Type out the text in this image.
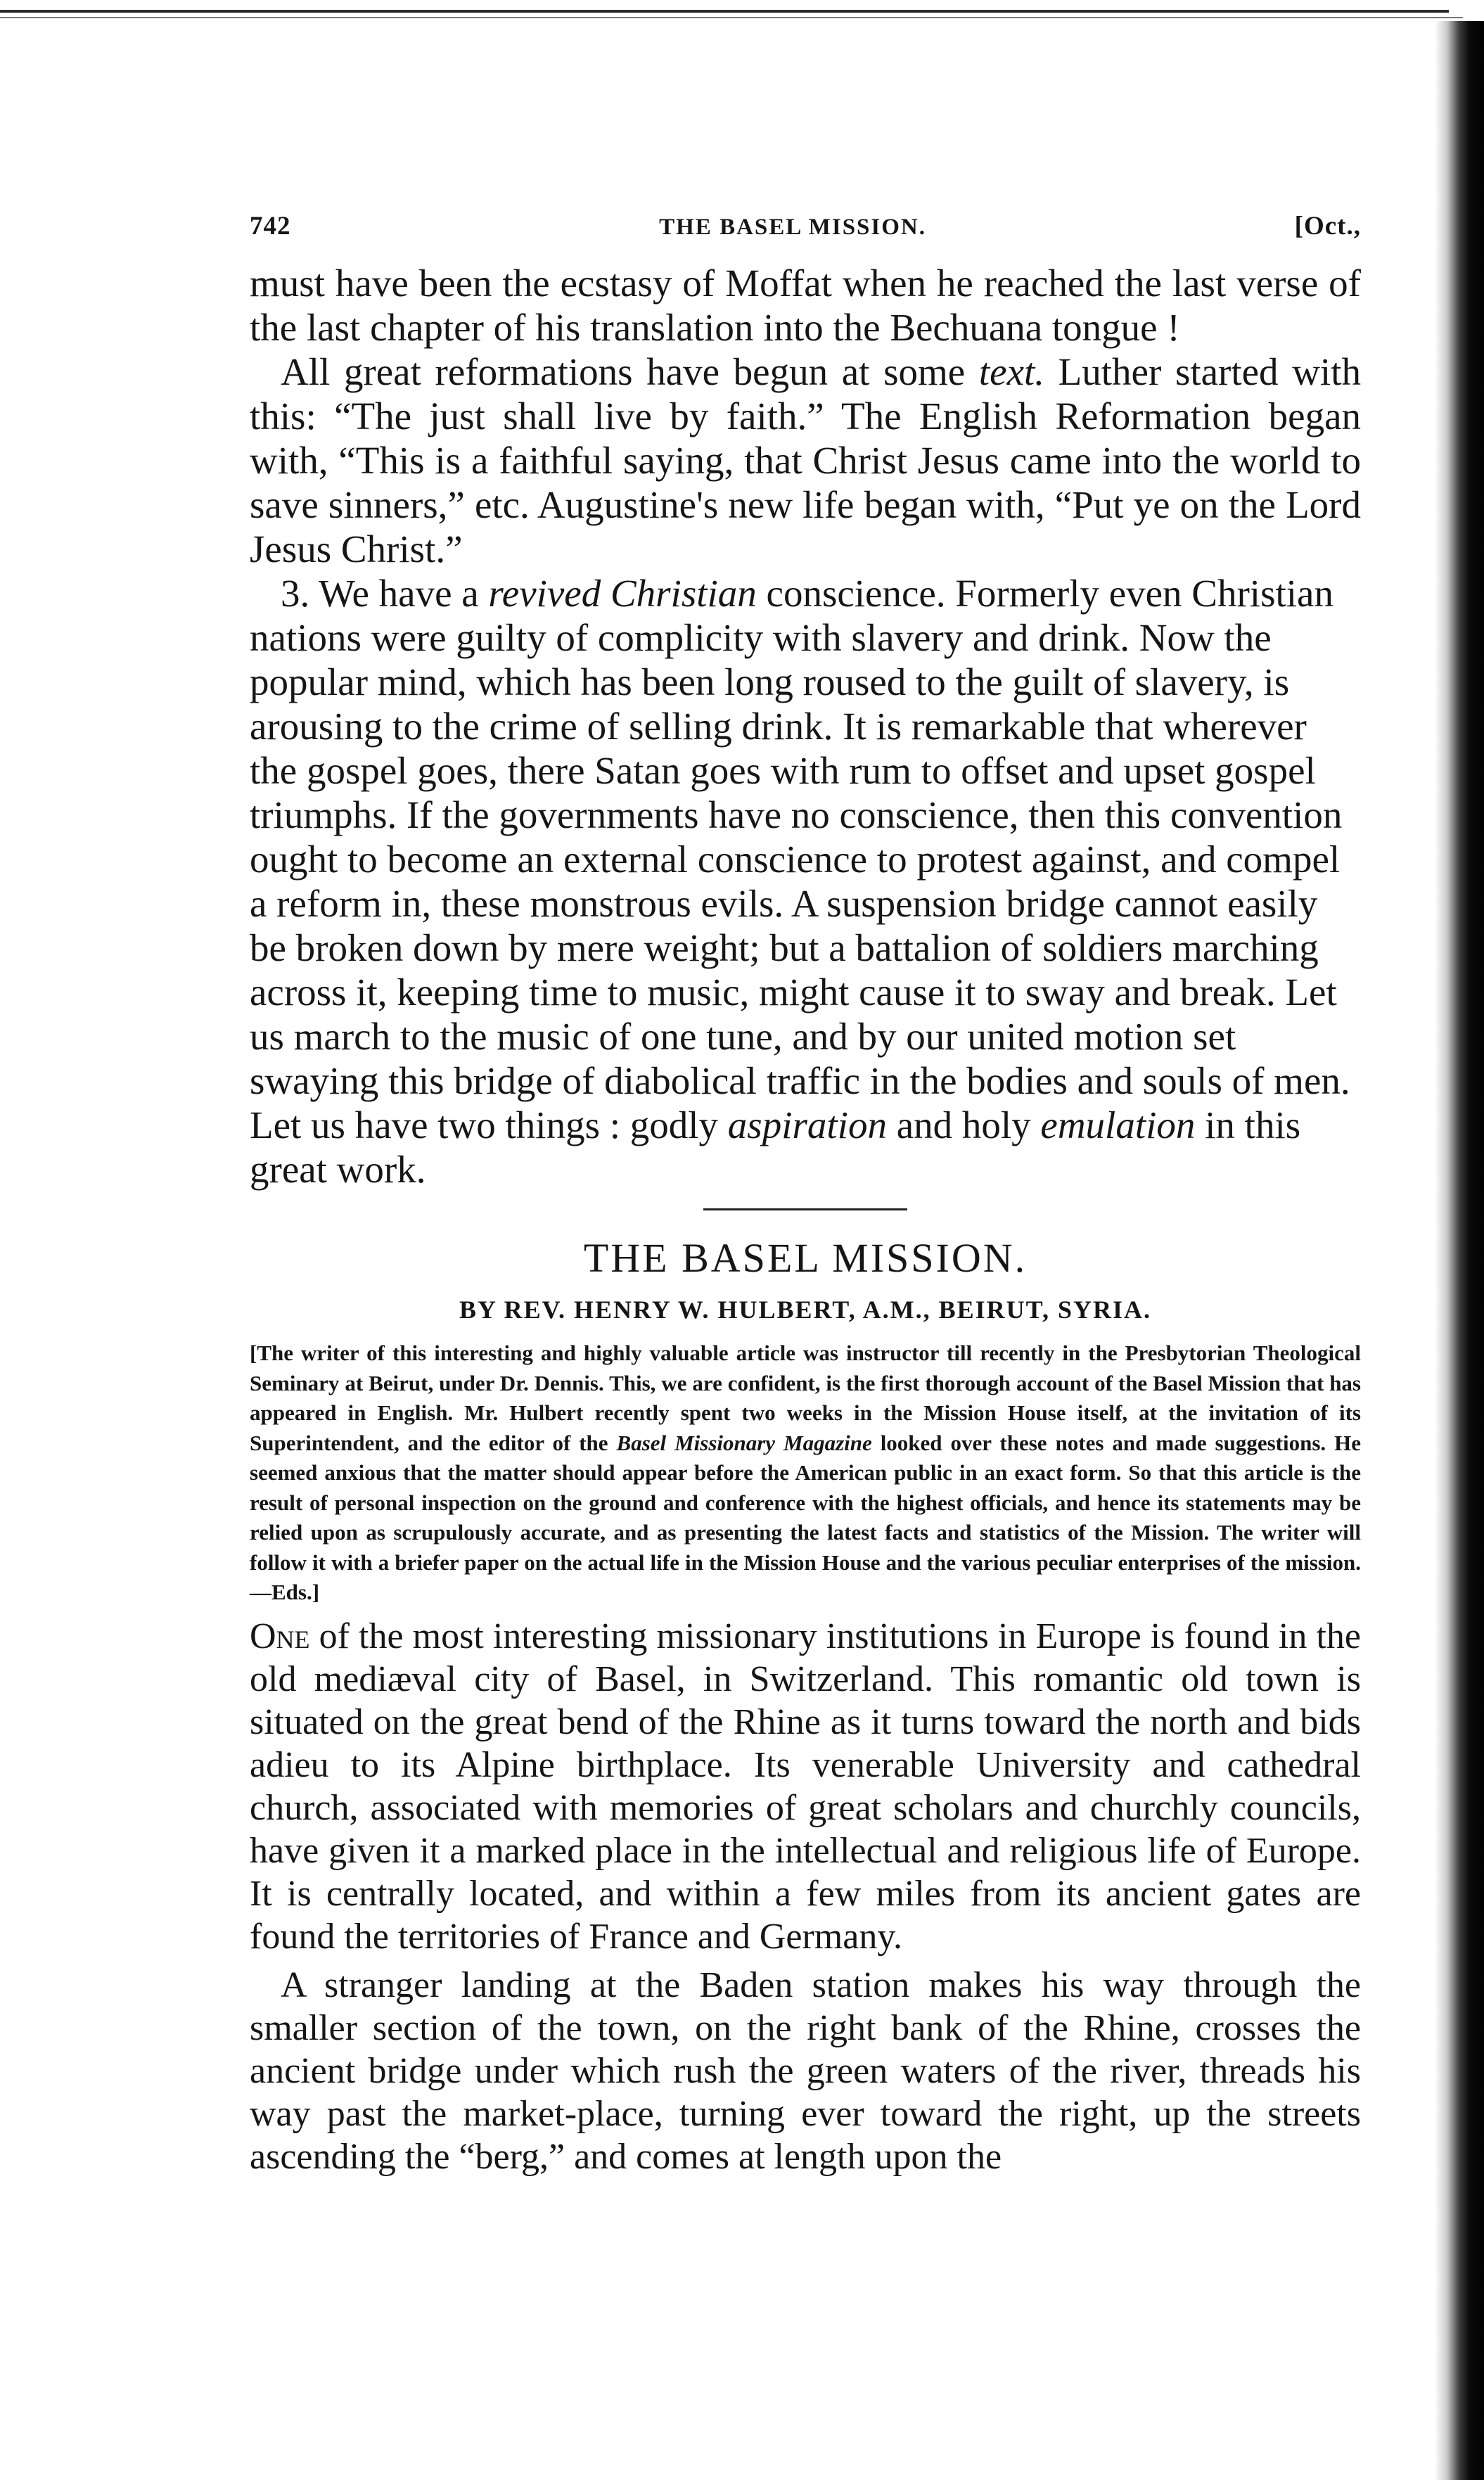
742	THE BASEL MISSION.	[Oct.,

must have been the ecstasy of Moffat when he reached the last verse of the last chapter of his translation into the Bechuana tongue !

All great reformations have begun at some text. Luther started with this: “The just shall live by faith.” The English Reformation began with, “This is a faithful saying, that Christ Jesus came into the world to save sinners,” etc. Augustine's new life began with, “Put ye on the Lord Jesus Christ.”

3. We have a revived Christian conscience. Formerly even Christian nations were guilty of complicity with slavery and drink. Now the popular mind, which has been long roused to the guilt of slavery, is arousing to the crime of selling drink. It is remarkable that wherever the gospel goes, there Satan goes with rum to offset and upset gospel triumphs. If the governments have no conscience, then this convention ought to become an external conscience to protest against, and compel a reform in, these monstrous evils. A suspension bridge cannot easily be broken down by mere weight; but a battalion of soldiers marching across it, keeping time to music, might cause it to sway and break. Let us march to the music of one tune, and by our united motion set swaying this bridge of diabolical traffic in the bodies and souls of men. Let us have two things : godly aspiration and holy emulation in this great work.

THE BASEL MISSION.
BY REV. HENRY W. HULBERT, A.M., BEIRUT, SYRIA.
[The writer of this interesting and highly valuable article was instructor till recently in the Presbytorian Theological Seminary at Beirut, under Dr. Dennis. This, we are confident, is the first thorough account of the Basel Mission that has appeared in English. Mr. Hulbert recently spent two weeks in the Mission House itself, at the invitation of its Superintendent, and the editor of the Basel Missionary Magazine looked over these notes and made suggestions. He seemed anxious that the matter should appear before the American public in an exact form. So that this article is the result of personal inspection on the ground and conference with the highest officials, and hence its statements may be relied upon as scrupulously accurate, and as presenting the latest facts and statistics of the Mission. The writer will follow it with a briefer paper on the actual life in the Mission House and the various peculiar enterprises of the mission.—Eds.]

One of the most interesting missionary institutions in Europe is found in the old mediæval city of Basel, in Switzerland. This romantic old town is situated on the great bend of the Rhine as it turns toward the north and bids adieu to its Alpine birthplace. Its venerable University and cathedral church, associated with memories of great scholars and churchly councils, have given it a marked place in the intellectual and religious life of Europe. It is centrally located, and within a few miles from its ancient gates are found the territories of France and Germany.

A stranger landing at the Baden station makes his way through the smaller section of the town, on the right bank of the Rhine, crosses the ancient bridge under which rush the green waters of the river, threads his way past the market-place, turning ever toward the right, up the streets ascending the “berg,” and comes at length upon the
